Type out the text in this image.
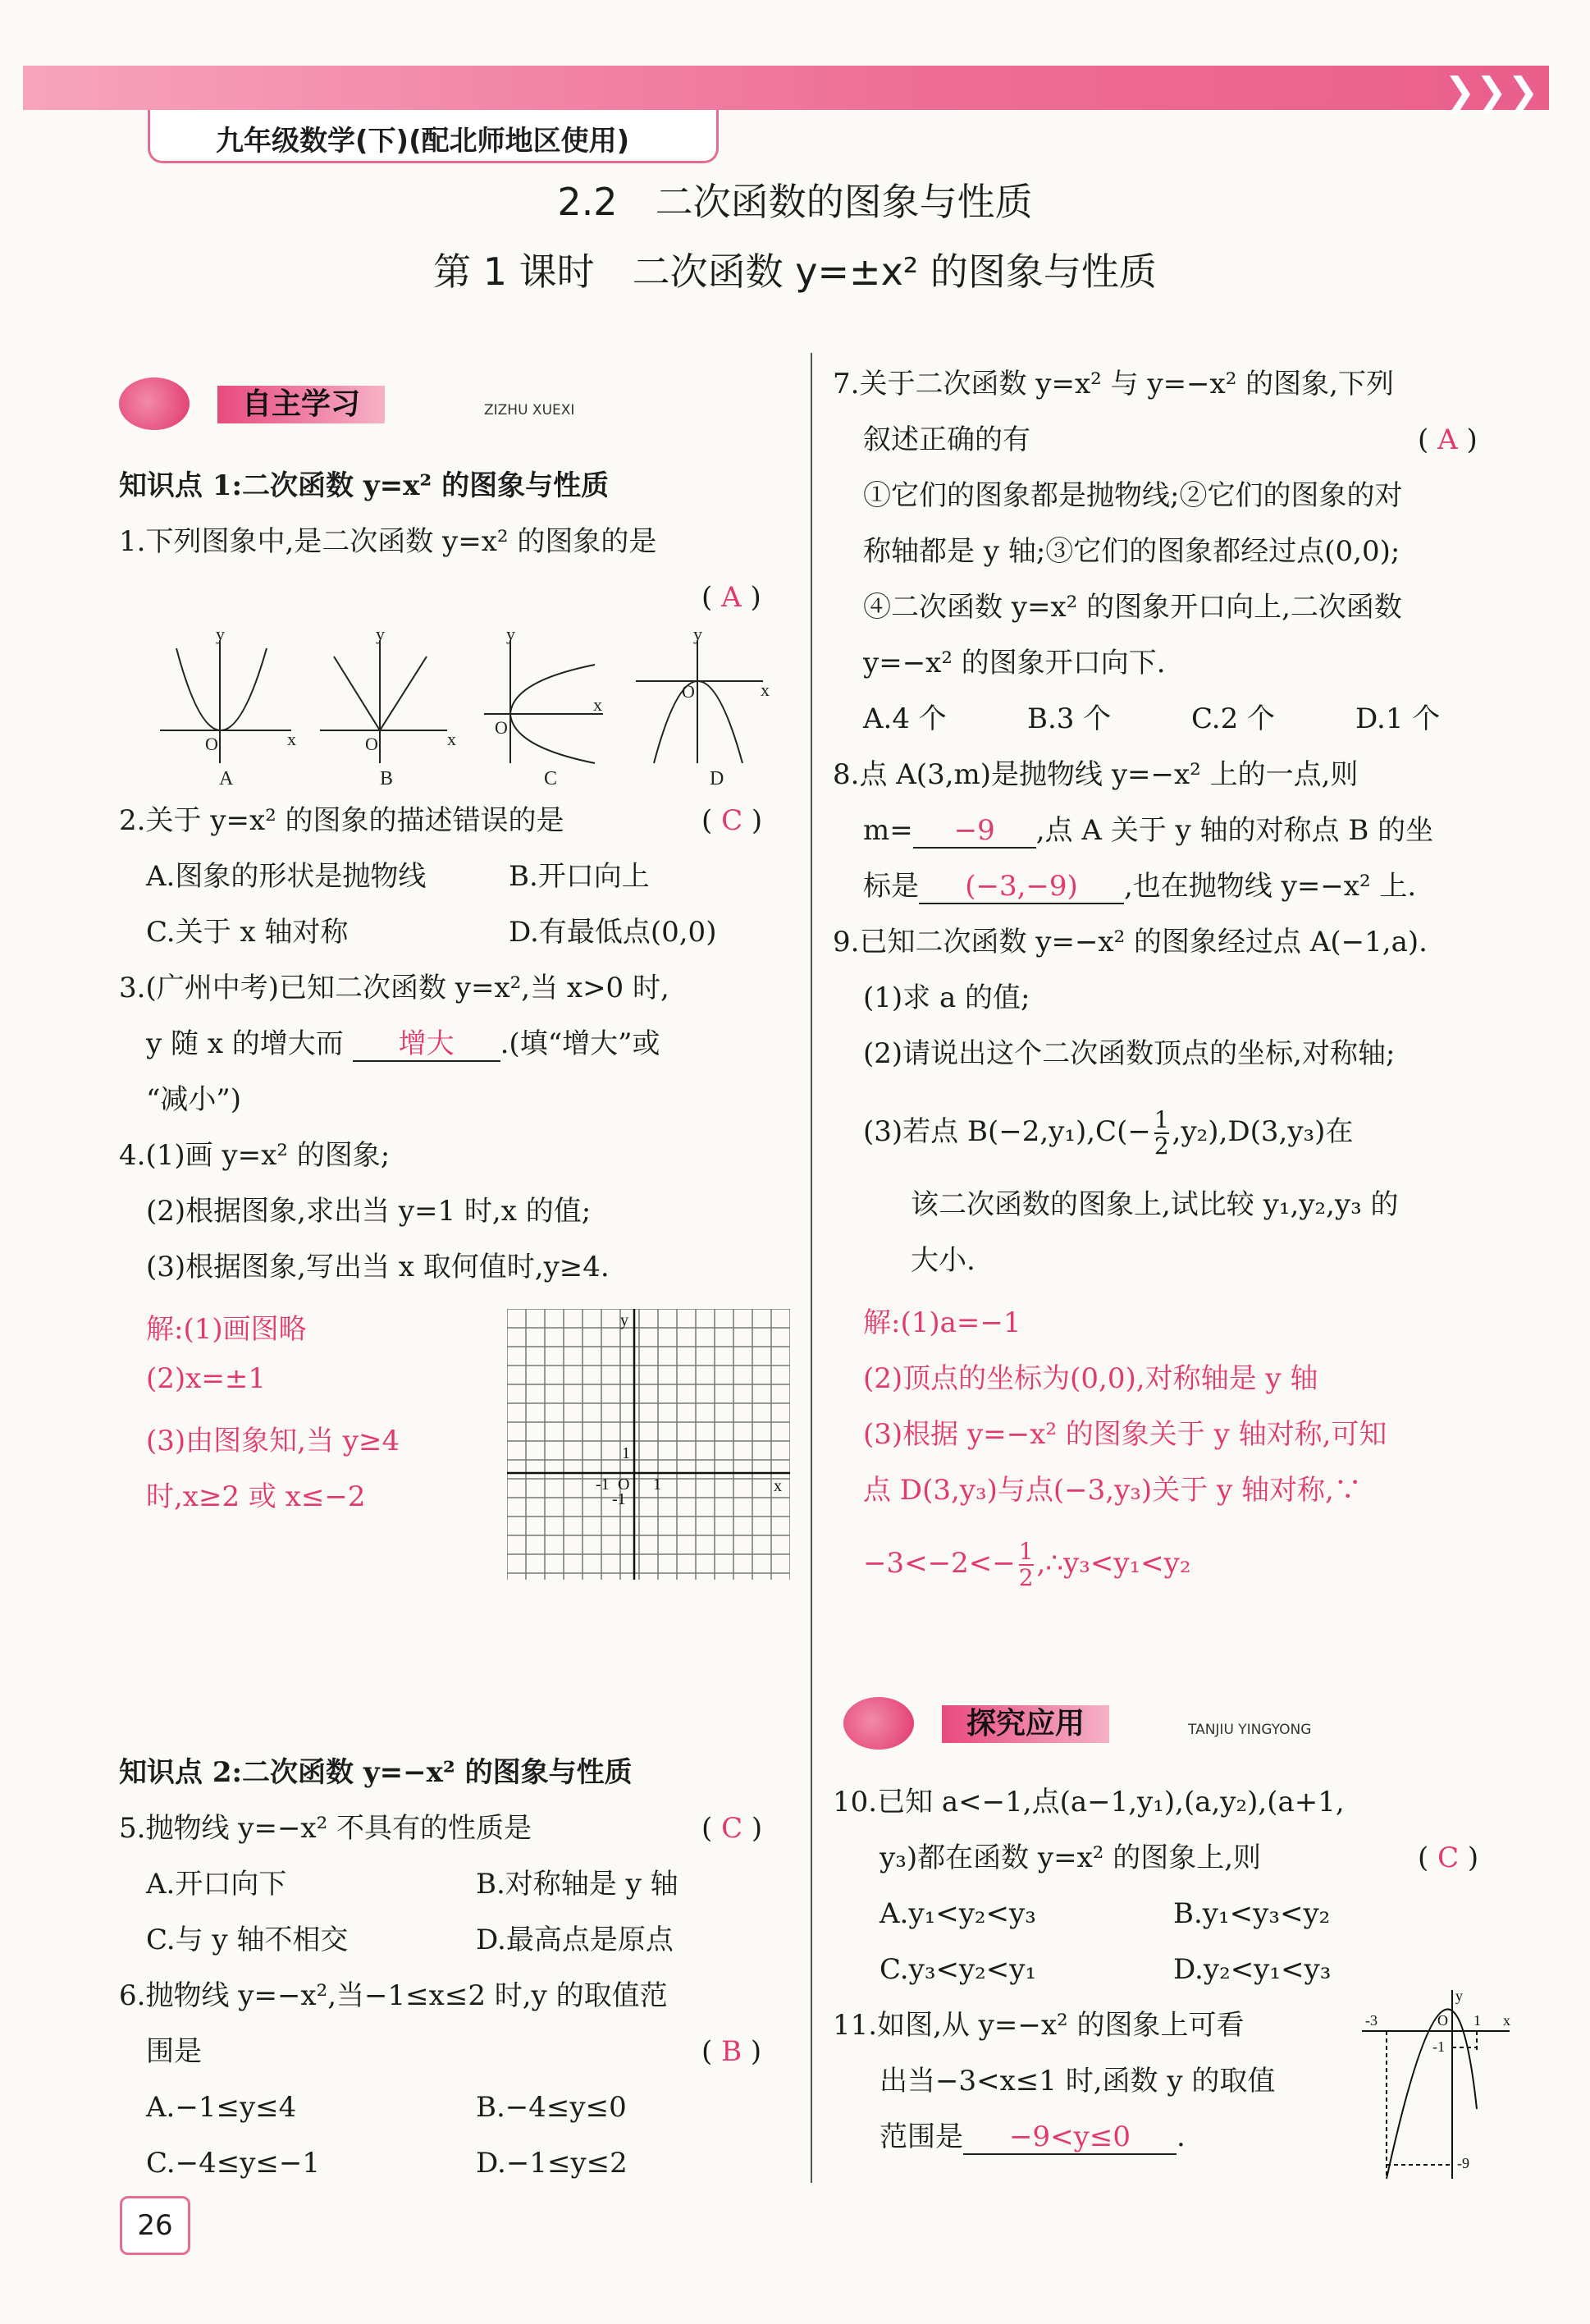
❯❯❯
九年级数学(下)(配北师地区使用)
2.2　二次函数的图象与性质
第 1 课时　二次函数 y=±x² 的图象与性质
自主学习	ZIZHU XUEXI
知识点 1:二次函数 y=x² 的图象与性质
1.下列图象中,是二次函数 y=x² 的图象的是
( A )
y
x
O
y
x
O
y
x
O
y
x
O
A	B	C	D
2.关于 y=x² 的图象的描述错误的是	( C )
A.图象的形状是抛物线	B.开口向上
C.关于 x 轴对称	D.有最低点(0,0)
3.(广州中考)已知二次函数 y=x²,当 x>0 时,
y 随 x 的增大而 增大 .(填“增大”或
“减小”)
4.(1)画 y=x² 的图象;
(2)根据图象,求出当 y=1 时,x 的值;
(3)根据图象,写出当 x 取何值时,y≥4.
解:(1)画图略
(2)x=±1
(3)由图象知,当 y≥4
时,x≥2 或 x≤−2
y
x
1
-1 O 1
-1
知识点 2:二次函数 y=−x² 的图象与性质
5.抛物线 y=−x² 不具有的性质是	( C )
A.开口向下	B.对称轴是 y 轴
C.与 y 轴不相交	D.最高点是原点
6.抛物线 y=−x²,当−1≤x≤2 时,y 的取值范
围是	( B )
A.−1≤y≤4	B.−4≤y≤0
C.−4≤y≤−1	D.−1≤y≤2
7.关于二次函数 y=x² 与 y=−x² 的图象,下列
叙述正确的有	( A )
①它们的图象都是抛物线;②它们的图象的对
称轴都是 y 轴;③它们的图象都经过点(0,0);
④二次函数 y=x² 的图象开口向上,二次函数
y=−x² 的图象开口向下.
A.4 个	B.3 个	C.2 个	D.1 个
8.点 A(3,m)是抛物线 y=−x² 上的一点,则
m= −9 ,点 A 关于 y 轴的对称点 B 的坐
标是 (−3,−9) ,也在抛物线 y=−x² 上.
9.已知二次函数 y=−x² 的图象经过点 A(−1,a).
(1)求 a 的值;
(2)请说出这个二次函数顶点的坐标,对称轴;
(3)若点 $B(-2,y_1),C(- \frac{1}{2} ,y_2),D(3,y_3)$在
该二次函数的图象上,试比较 y₁,y₂,y₃ 的
大小.
解:(1)a=−1
(2)顶点的坐标为(0,0),对称轴是 y 轴
(3)根据 y=−x² 的图象关于 y 轴对称,可知
点 D(3,y₃)与点(−3,y₃)关于 y 轴对称,∵
$-3<-2<- \frac{1}{2}$ ,∴y₃<y₁<y₂
探究应用	TANJIU YINGYONG
10.已知 a<−1,点(a−1,y₁),(a,y₂),(a+1,
y₃)都在函数 y=x² 的图象上,则	( C )
A.y₁<y₂<y₃	B.y₁<y₃<y₂
C.y₃<y₂<y₁	D.y₂<y₁<y₃
11.如图,从 y=−x² 的图象上可看
出当−3<x≤1 时,函数 y 的取值
范围是 −9<y≤0 .
y
x
-3	O 1
-1
-9
26
